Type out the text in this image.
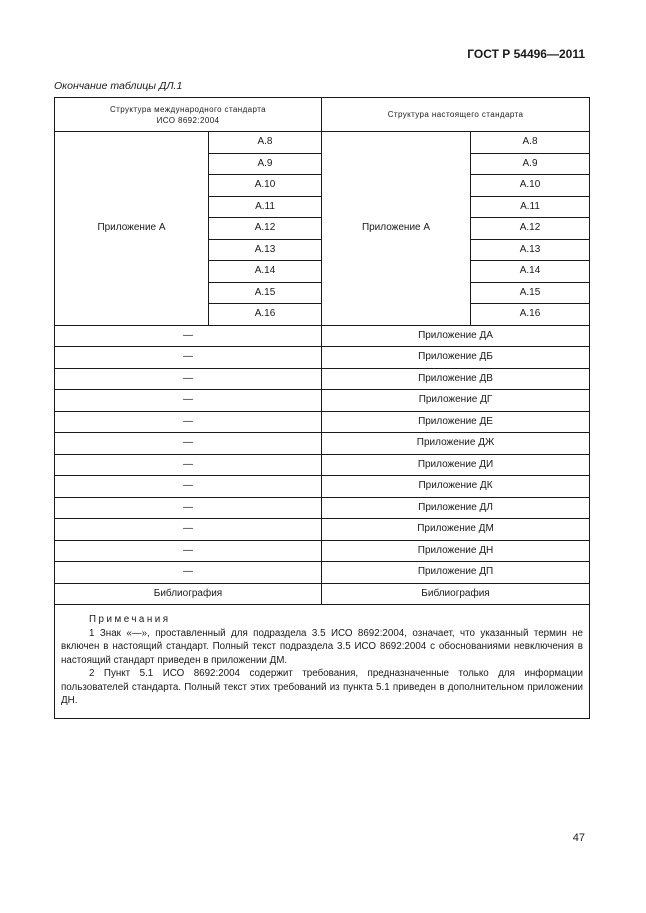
ГОСТ Р 54496—2011
Окончание таблицы ДЛ.1
Структура международного стандарта
ИСО 8692:2004		Структура настоящего стандарта	
Приложение А	А.8	Приложение А	А.8
	А.9		А.9
	А.10		А.10
	А.11		А.11
	А.12		А.12
	А.13		А.13
	А.14		А.14
	А.15		А.15
	А.16		А.16
—		Приложение ДА	
—		Приложение ДБ	
—		Приложение ДВ	
—		Приложение ДГ	
—		Приложение ДЕ	
—		Приложение ДЖ	
—		Приложение ДИ	
—		Приложение ДК	
—		Приложение ДЛ	
—		Приложение ДМ	
—		Приложение ДН	
—		Приложение ДП	
Библиография		Библиография	

Примечания
1 Знак «—», проставленный для подраздела 3.5 ИСО 8692:2004, означает, что указанный термин не включен в настоящий стандарт. Полный текст подраздела 3.5 ИСО 8692:2004 с обоснованиями невключения в настоящий стандарт приведен в приложении ДМ.
2 Пункт 5.1 ИСО 8692:2004 содержит требования, предназначенные только для информации пользователей стандарта. Полный текст этих требований из пункта 5.1 приведен в дополнительном приложении ДН.			
47
